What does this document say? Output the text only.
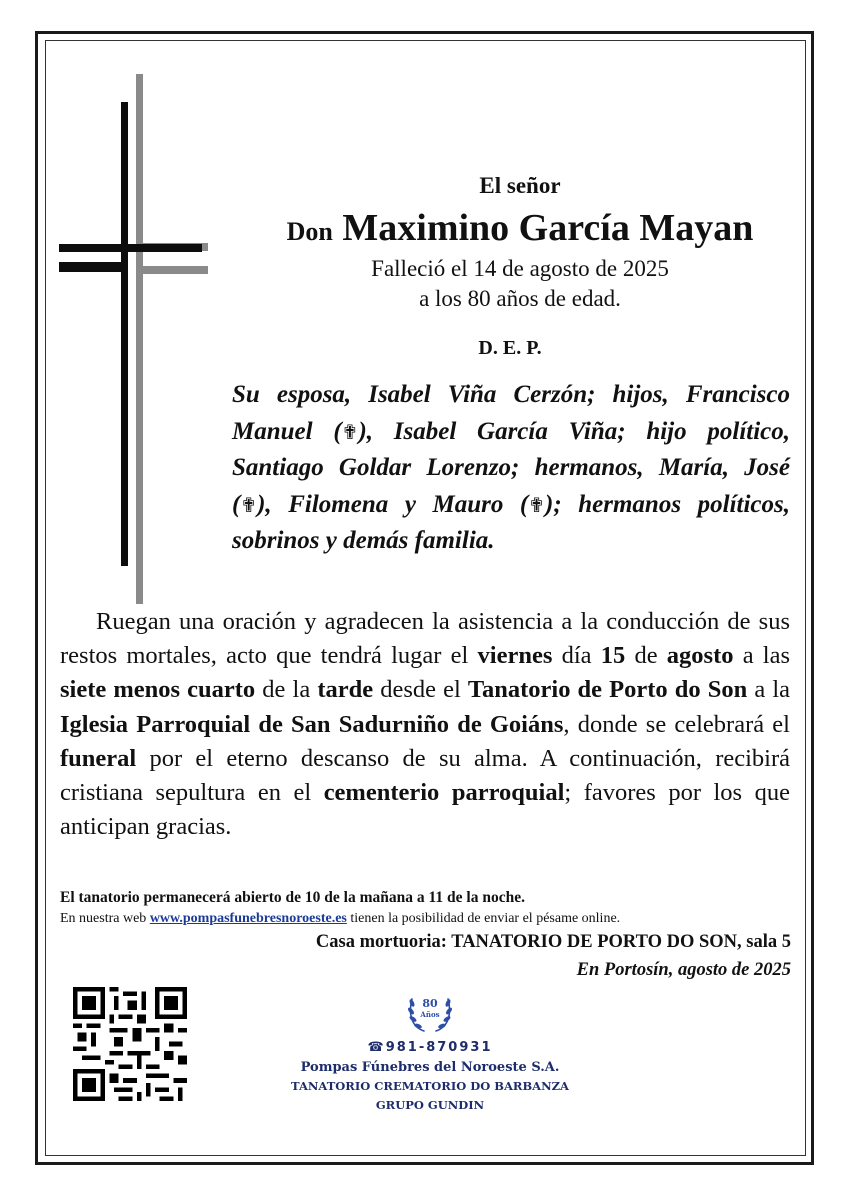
El señor
Don Maximino García Mayan
Falleció el 14 de agosto de 2025
a los 80 años de edad.
D. E. P.
Su esposa, Isabel Viña Cerzón; hijos, Francisco Manuel (✟), Isabel García Viña; hijo político, Santiago Goldar Lorenzo; hermanos, María, José (✟), Filomena y Mauro (✟); hermanos políticos, sobrinos y demás familia.
Ruegan una oración y agradecen la asistencia a la conducción de sus restos mortales, acto que tendrá lugar el viernes día 15 de agosto a las siete menos cuarto de la tarde desde el Tanatorio de Porto do Son a la Iglesia Parroquial de San Sadurniño de Goiáns, donde se celebrará el funeral por el eterno descanso de su alma. A continuación, recibirá cristiana sepultura en el cementerio parroquial; favores por los que anticipan gracias.
El tanatorio permanecerá abierto de 10 de la mañana a 11 de la noche.
En nuestra web www.pompasfunebresnoroeste.es tienen la posibilidad de enviar el pésame online.
Casa mortuoria: TANATORIO DE PORTO DO SON, sala 5
En Portosín, agosto de 2025
80
Años
☎981-870931
Pompas Fúnebres del Noroeste S.A.
TANATORIO CREMATORIO DO BARBANZA
GRUPO GUNDIN
